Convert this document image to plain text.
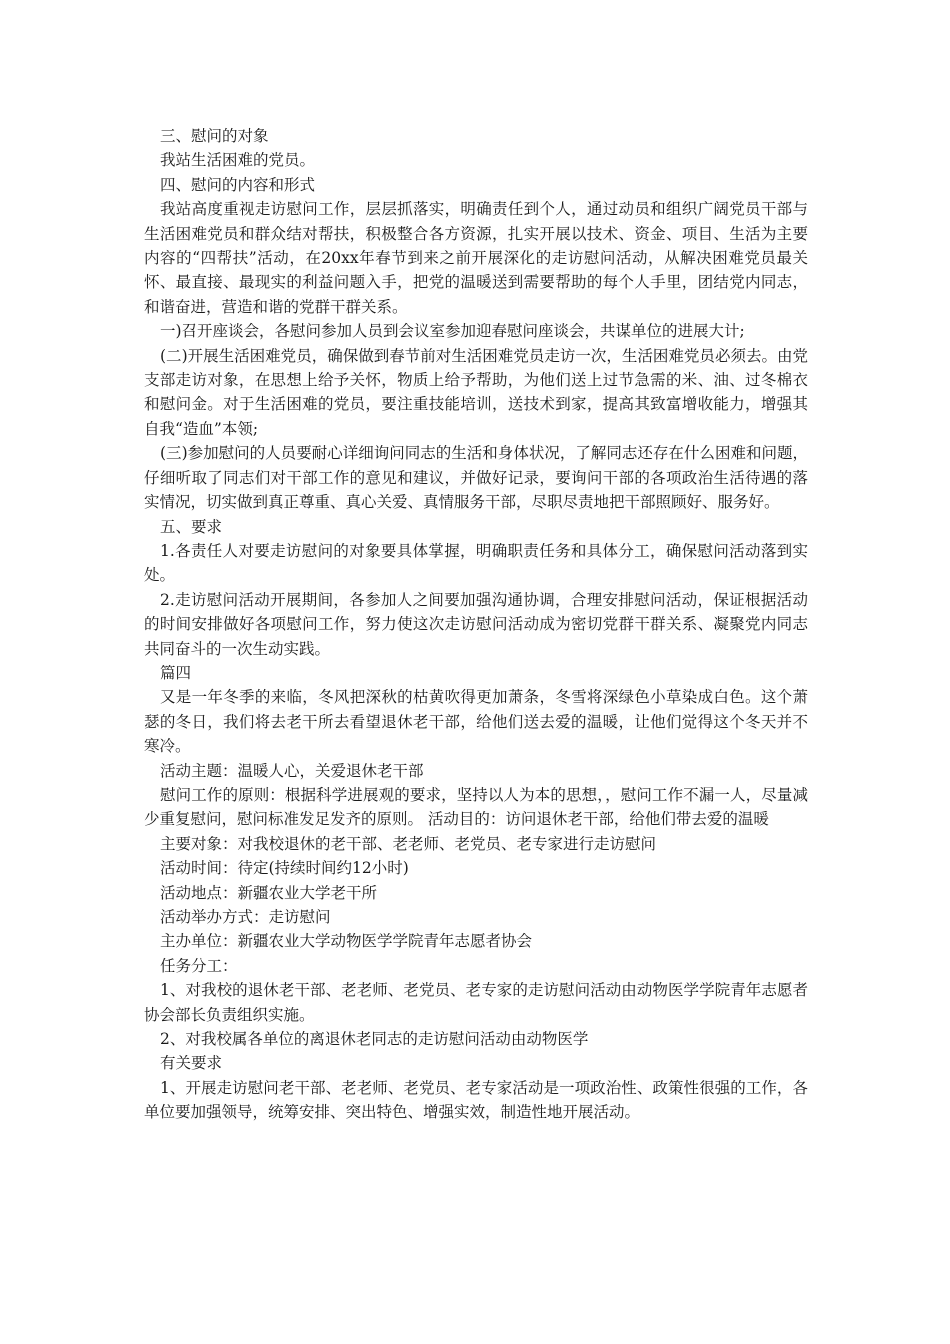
三、慰问的对象

我站生活困难的党员。

四、慰问的内容和形式

我站高度重视走访慰问工作，层层抓落实，明确责任到个人，通过动员和组织广阔党员干部与生活困难党员和群众结对帮扶，积极整合各方资源，扎实开展以技术、资金、项目、生活为主要内容的“四帮扶”活动，在20xx年春节到来之前开展深化的走访慰问活动，从解决困难党员最关怀、最直接、最现实的利益问题入手，把党的温暖送到需要帮助的每个人手里，团结党内同志，和谐奋进，营造和谐的党群干群关系。

一)召开座谈会，各慰问参加人员到会议室参加迎春慰问座谈会，共谋单位的进展大计;

(二)开展生活困难党员，确保做到春节前对生活困难党员走访一次，生活困难党员必须去。由党支部走访对象，在思想上给予关怀，物质上给予帮助，为他们送上过节急需的米、油、过冬棉衣和慰问金。对于生活困难的党员，要注重技能培训，送技术到家，提高其致富增收能力，增强其自我“造血”本领;

(三)参加慰问的人员要耐心详细询问同志的生活和身体状况，了解同志还存在什么困难和问题，仔细听取了同志们对干部工作的意见和建议，并做好记录，要询问干部的各项政治生活待遇的落实情况，切实做到真正尊重、真心关爱、真情服务干部，尽职尽责地把干部照顾好、服务好。

五、要求

1.各责任人对要走访慰问的对象要具体掌握，明确职责任务和具体分工，确保慰问活动落到实处。

2.走访慰问活动开展期间，各参加人之间要加强沟通协调，合理安排慰问活动，保证根据活动的时间安排做好各项慰问工作，努力使这次走访慰问活动成为密切党群干群关系、凝聚党内同志共同奋斗的一次生动实践。

篇四

又是一年冬季的来临，冬风把深秋的枯黄吹得更加萧条，冬雪将深绿色小草染成白色。这个萧瑟的冬日，我们将去老干所去看望退休老干部，给他们送去爱的温暖，让他们觉得这个冬天并不寒冷。

活动主题：温暖人心，关爱退休老干部

慰问工作的原则：根据科学进展观的要求，坚持以人为本的思想，，慰问工作不漏一人，尽量减少重复慰问，慰问标准发足发齐的原则。 活动目的：访问退休老干部，给他们带去爱的温暖

主要对象：对我校退休的老干部、老老师、老党员、老专家进行走访慰问

活动时间：待定(持续时间约12小时)

活动地点：新疆农业大学老干所

活动举办方式：走访慰问

主办单位：新疆农业大学动物医学学院青年志愿者协会

任务分工：

1、对我校的退休老干部、老老师、老党员、老专家的走访慰问活动由动物医学学院青年志愿者协会部长负责组织实施。

2、对我校属各单位的离退休老同志的走访慰问活动由动物医学

有关要求

1、开展走访慰问老干部、老老师、老党员、老专家活动是一项政治性、政策性很强的工作，各单位要加强领导，统筹安排、突出特色、增强实效，制造性地开展活动。
